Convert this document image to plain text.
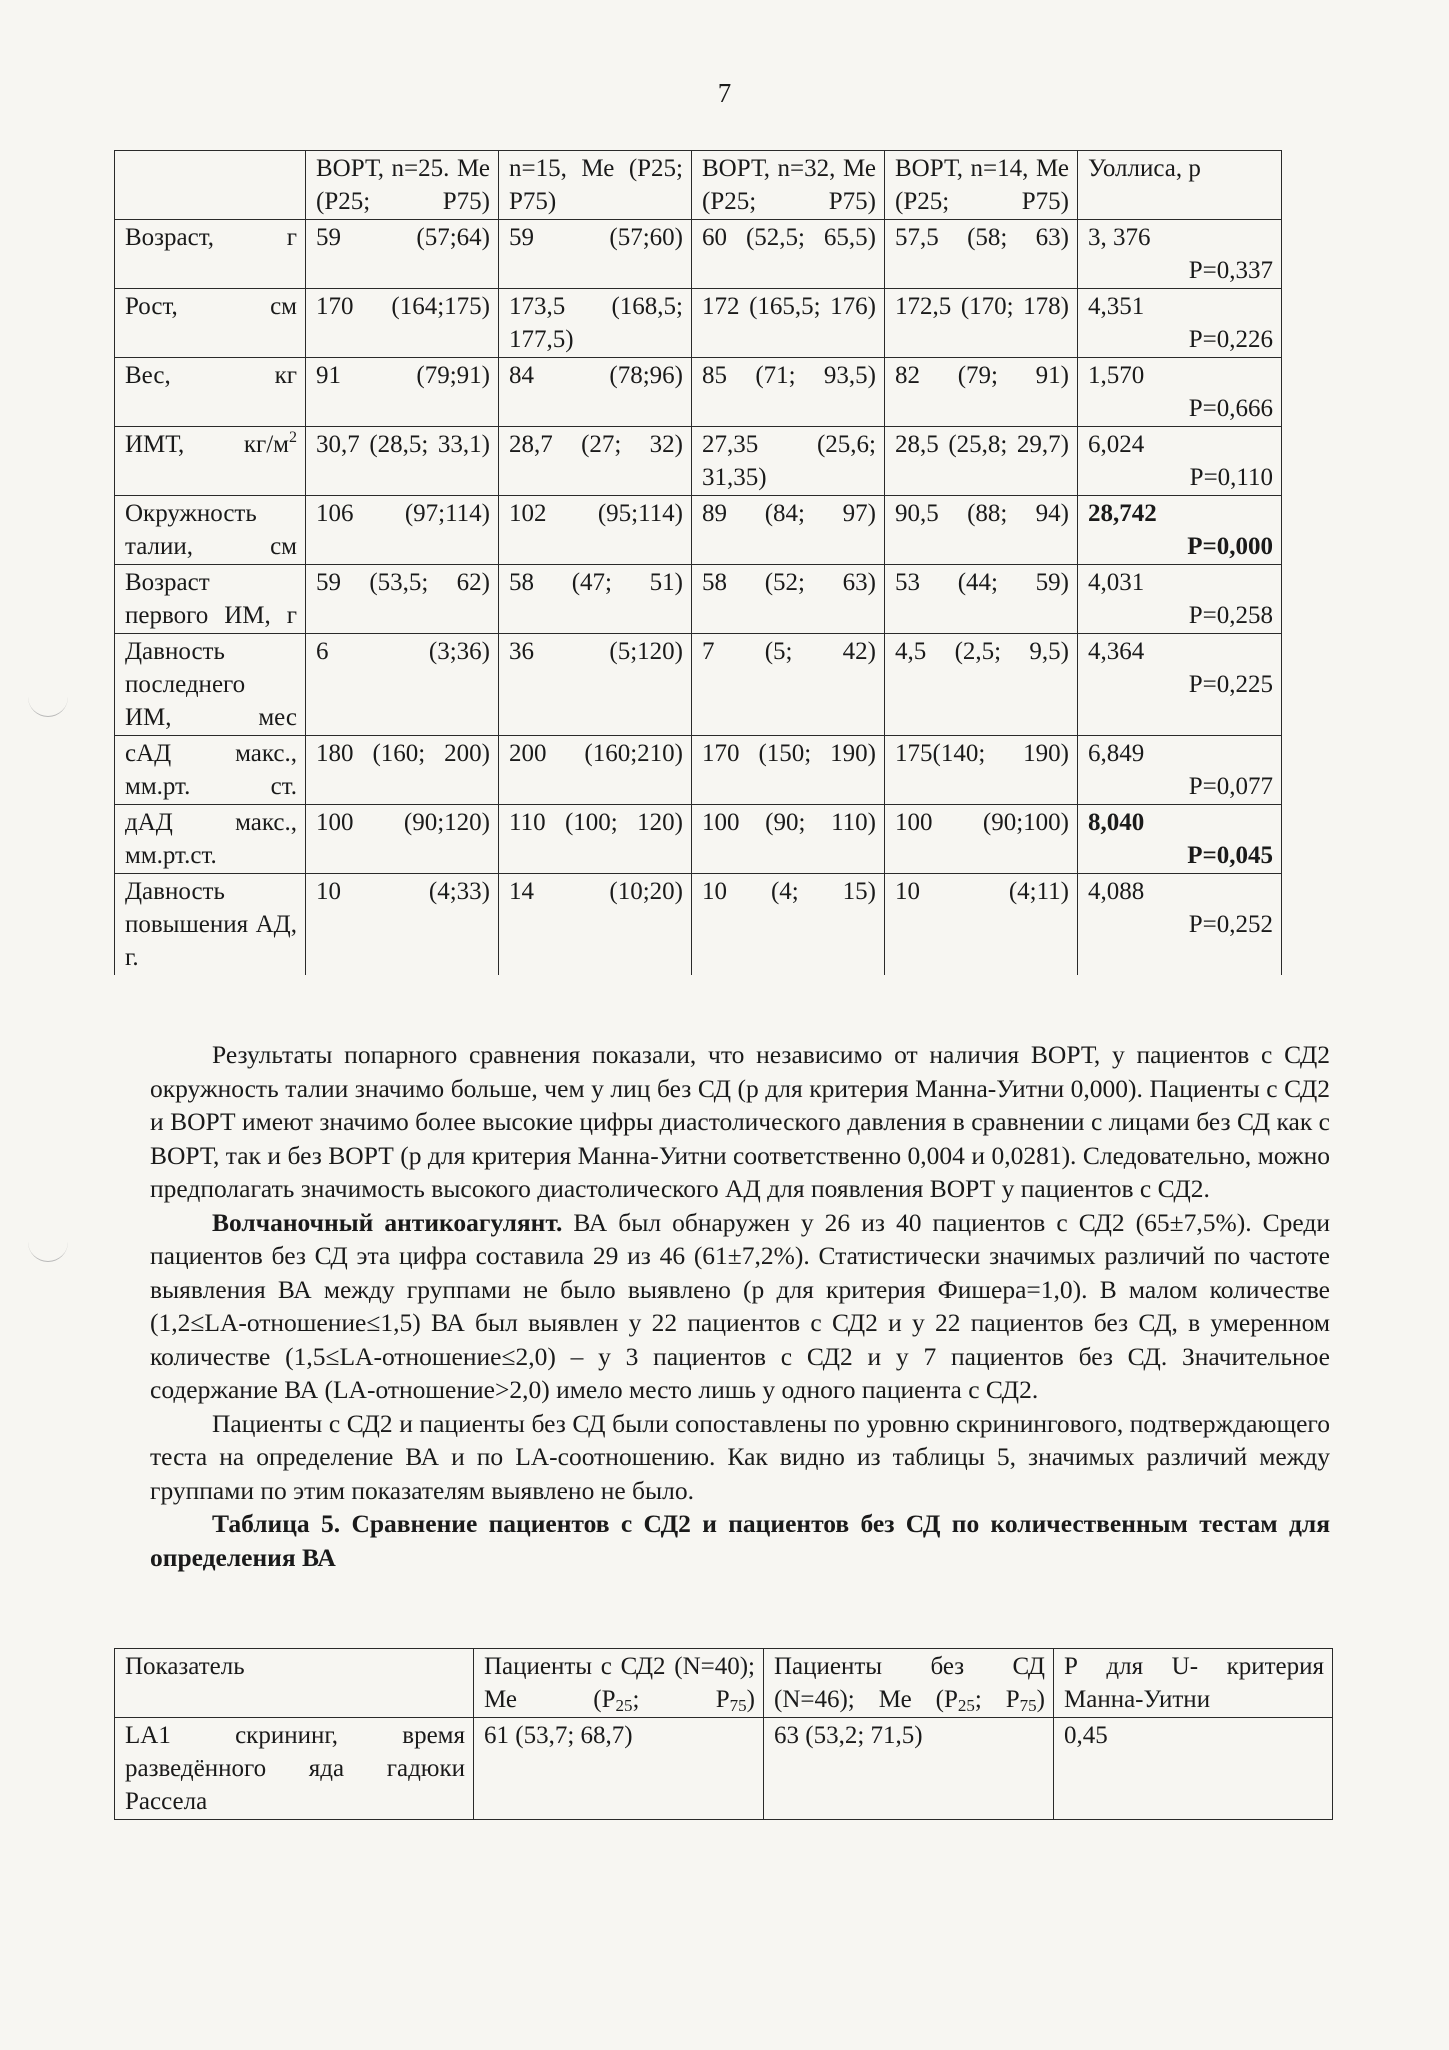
7
	ВОРТ, n=25. Ме (Р25; Р75)	n=15, Ме (Р25; Р75)	ВОРТ, n=32, Ме (Р25; Р75)	ВОРТ, n=14, Ме (Р25; Р75)	Уоллиса, р
Возраст, г	59 (57;64)	59 (57;60)	60 (52,5; 65,5)	57,5 (58; 63)	3, 376
P=0,337

Рост, см	170 (164;175)	173,5 (168,5; 177,5)	172 (165,5; 176)	172,5 (170; 178)	4,351
P=0,226

Вес, кг	91 (79;91)	84 (78;96)	85 (71; 93,5)	82 (79; 91)	1,570
P=0,666

ИМТ, $кг/м^2$	30,7 (28,5; 33,1)	28,7 (27; 32)	27,35 (25,6; 31,35)	28,5 (25,8; 29,7)	6,024
P=0,110

Окружность талии, см	106 (97;114)	102 (95;114)	89 (84; 97)	90,5 (88; 94)	28,742
P=0,000

Возраст первого ИМ, г	59 (53,5; 62)	58 (47; 51)	58 (52; 63)	53 (44; 59)	4,031
P=0,258

Давность последнего ИМ, мес	6 (3;36)	36 (5;120)	7 (5; 42)	4,5 (2,5; 9,5)	4,364
P=0,225

сАД макс., мм.рт. ст.	180 (160; 200)	200 (160;210)	170 (150; 190)	175(140; 190)	6,849
P=0,077

дАД макс., мм.рт.ст.	100 (90;120)	110 (100; 120)	100 (90; 110)	100 (90;100)	8,040
P=0,045

Давность повышения АД, г.	10 (4;33)	14 (10;20)	10 (4; 15)	10 (4;11)	4,088
P=0,252

Результаты попарного сравнения показали, что независимо от наличия ВОРТ, у пациентов с СД2 окружность талии значимо больше, чем у лиц без СД (р для критерия Манна-Уитни 0,000). Пациенты с СД2 и ВОРТ имеют значимо более высокие цифры диастолического давления в сравнении с лицами без СД как с ВОРТ, так и без ВОРТ (р для критерия Манна-Уитни соответственно 0,004 и 0,0281). Следовательно, можно предполагать значимость высокого диастолического АД для появления ВОРТ у пациентов с СД2.

Волчаночный антикоагулянт. ВА был обнаружен у 26 из 40 пациентов с СД2 (65±7,5%). Среди пациентов без СД эта цифра составила 29 из 46 (61±7,2%). Статистически значимых различий по частоте выявления ВА между группами не было выявлено (р для критерия Фишера=1,0). В малом количестве (1,2≤LA-отношение≤1,5) ВА был выявлен у 22 пациентов с СД2 и у 22 пациентов без СД, в умеренном количестве (1,5≤LA-отношение≤2,0) – у 3 пациентов с СД2 и у 7 пациентов без СД. Значительное содержание ВА (LA-отношение>2,0) имело место лишь у одного пациента с СД2.

Пациенты с СД2 и пациенты без СД были сопоставлены по уровню скринингового, подтверждающего теста на определение ВА и по LA-соотношению. Как видно из таблицы 5, значимых различий между группами по этим показателям выявлено не было.

Таблица 5. Сравнение пациентов с СД2 и пациентов без СД по количественным тестам для определения ВА

Показатель	Пациенты с СД2 (N=40); Ме ($Р_{25}$; $Р_{75}$)	Пациенты без СД (N=46); Ме ($Р_{25}$; $Р_{75}$)	Р для U- критерия Манна-Уитни
LA1 скрининг, время разведённого яда гадюки Рассела	61 (53,7; 68,7)	63 (53,2; 71,5)	0,45
